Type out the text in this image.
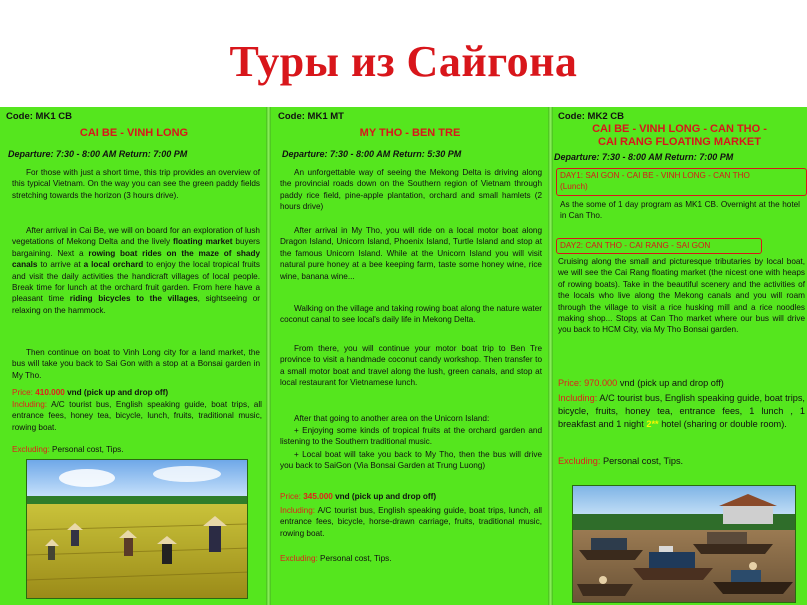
Туры из Сайгона
Code: MK1 CB
CAI BE - VINH LONG
Departure: 7:30 - 8:00 AM Return: 7:00 PM
For those with just a short time, this trip provides an overview of this typical Vietnam. On the way you can see the green paddy fields stretching towards the horizon (3 hours drive).
After arrival in Cai Be, we will on board for an exploration of lush vegetations of Mekong Delta and the lively floating market buyers bargaining. Next a rowing boat rides on the maze of shady canals to arrive at a local orchard to enjoy the local tropical fruits and visit the daily activities the handicraft villages of local people. Break time for lunch at the orchard fruit garden. From here have a pleasant time riding bicycles to the villages, sightseeing or relaxing on the hammock.
Then continue on boat to Vinh Long city for a land market, the bus will take you back to Sai Gon with a stop at a Bonsai garden in My Tho.
Price: 410.000 vnd (pick up and drop off)
Including: A/C tourist bus, English speaking guide, boat trips, all entrance fees, honey tea, bicycle, lunch, fruits, traditional music, rowing boat.
Excluding: Personal cost, Tips.
Code: MK1 MT
MY THO - BEN TRE
Departure: 7:30 - 8:00 AM Return: 5:30 PM
An unforgettable way of seeing the Mekong Delta is driving along the provincial roads down on the Southern region of Vietnam through paddy rice field, pine-apple plantation, orchard and small hamlets (2 hours drive)
After arrival in My Tho, you will ride on a local motor boat along Dragon Island, Unicorn Island, Phoenix Island, Turtle Island and stop at the famous Unicorn Island. While at the Unicorn Island you will visit natural pure honey at a bee keeping farm, taste some honey wine, rice wine, banana wine...
Walking on the village and taking rowing boat along the nature water coconut canal to see local's daily life in Mekong Delta.
From there, you will continue your motor boat trip to Ben Tre province to visit a handmade coconut candy workshop. Then transfer to a small motor boat and travel along the lush, green canals, and stop at local restaurant for Vietnamese lunch.
After that going to another area on the Unicorn Island:
+ Enjoying some kinds of tropical fruits at the orchard garden and listening to the Southern traditional music.
+ Local boat will take you back to My Tho, then the bus will drive you back to SaiGon (Via Bonsai Garden at Trung Luong)
Price: 345.000 vnd (pick up and drop off)
Including: A/C tourist bus, English speaking guide, boat trips, lunch, all entrance fees, bicycle, horse-drawn carriage, fruits, traditional music, rowing boat.
Excluding: Personal cost, Tips.
Code: MK2 CB
CAI BE - VINH LONG - CAN THO -
CAI RANG FLOATING MARKET
Departure: 7:30 - 8:00 AM Return: 7:00 PM
DAY1: SAI GON - CAI BE - VINH LONG - CAN THO
(Lunch)
As the some of 1 day program as MK1 CB. Overnight at the hotel in Can Tho.
DAY2: CAN THO - CAI RANG - SAI GON
Cruising along the small and picturesque tributaries by local boat, we will see the Cai Rang floating market (the nicest one with heaps of rowing boats). Take in the beautiful scenery and the activities of the locals who live along the Mekong canals and you will roam through the village to visit a rice husking mill and a rice noodles making shop... Stops at Can Tho market where our bus will drive you back to HCM City, via My Tho Bonsai garden.
Price: 970.000 vnd (pick up and drop off)
Including: A/C tourist bus, English speaking guide, boat trips, bicycle, fruits, honey tea, entrance fees, 1 lunch , 1 breakfast and 1 night 2** hotel (sharing or double room).
Excluding: Personal cost, Tips.
